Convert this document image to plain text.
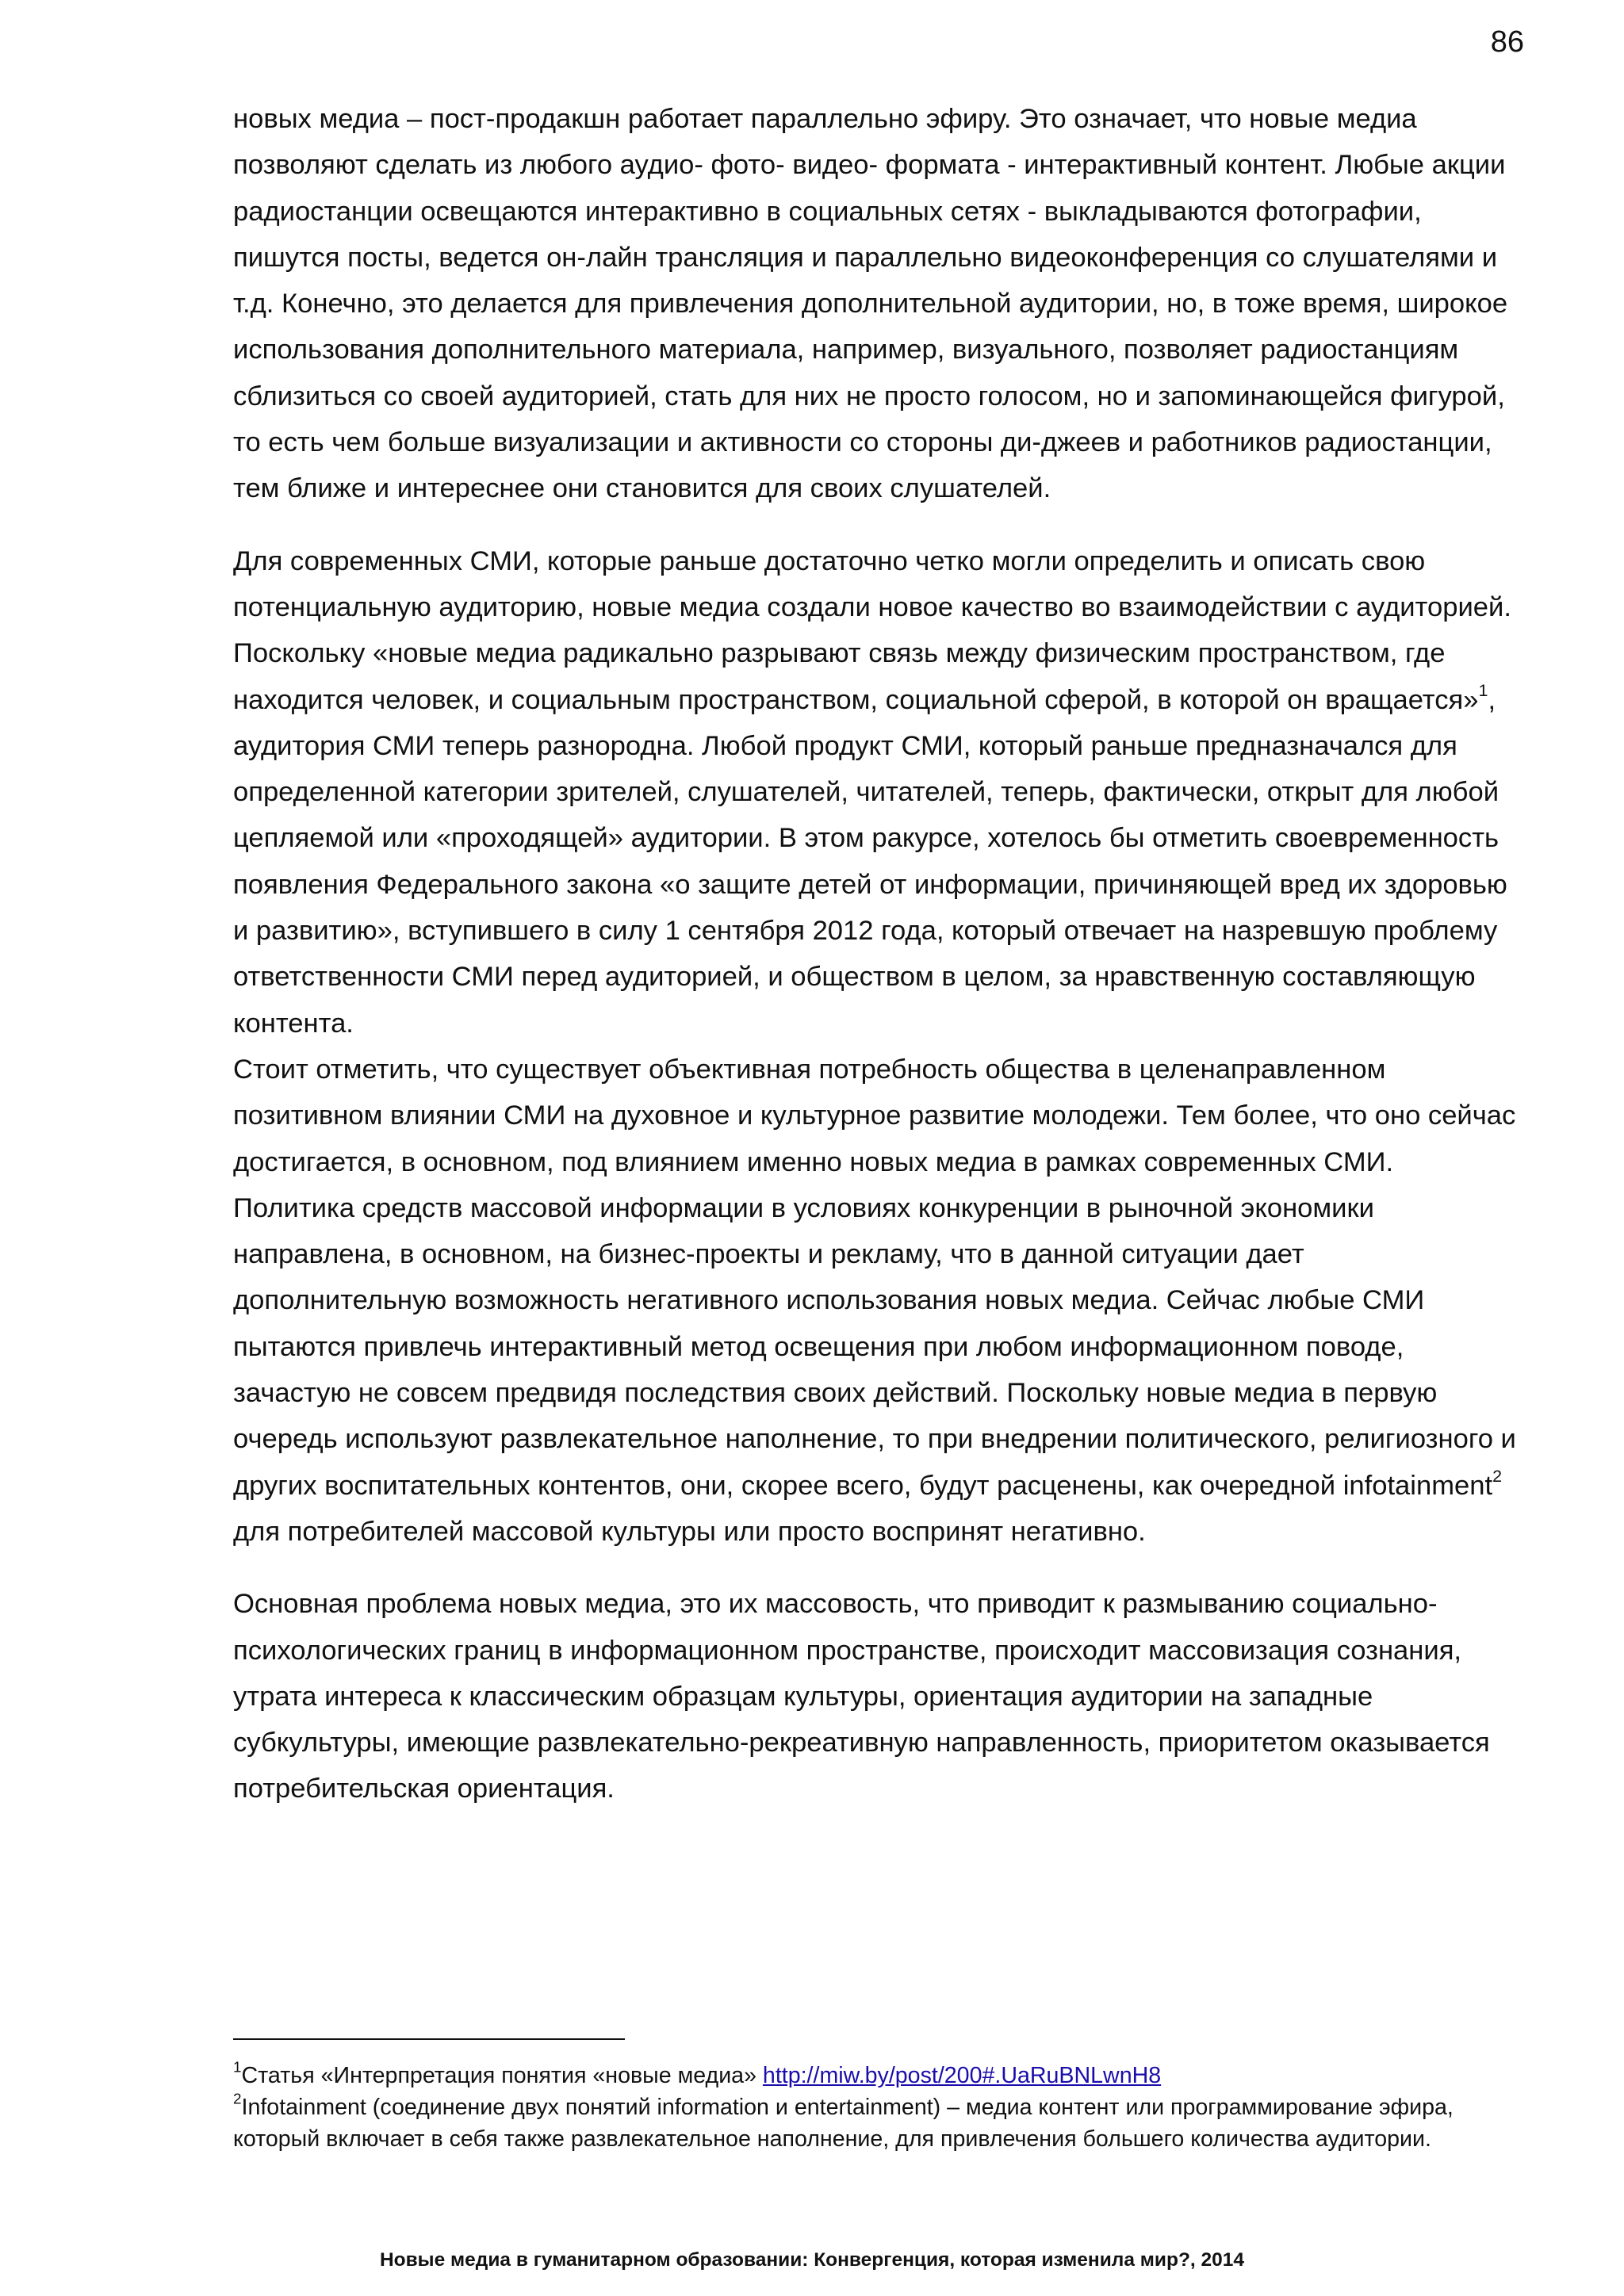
86

новых медиа – пост-продакшн работает параллельно эфиру. Это означает, что новые медиа позволяют сделать из любого аудио- фото- видео- формата - интерактивный контент. Любые акции радиостанции освещаются интерактивно в социальных сетях - выкладываются фотографии, пишутся посты, ведется он-лайн трансляция и параллельно видеоконференция со слушателями и т.д. Конечно, это делается для привлечения дополнительной аудитории, но, в тоже время, широкое использования дополнительного материала, например, визуального, позволяет радиостанциям сблизиться со своей аудиторией, стать для них не просто голосом, но и запоминающейся фигурой, то есть чем больше визуализации и активности со стороны ди-джеев и работников радиостанции, тем ближе и интереснее они становится для своих слушателей.

Для современных СМИ, которые раньше достаточно четко могли определить и описать свою потенциальную аудиторию, новые медиа создали новое качество во взаимодействии с аудиторией. Поскольку «новые медиа радикально разрывают связь между физическим пространством, где находится человек, и социальным пространством, социальной сферой, в которой он вращается»$^1$, аудитория СМИ теперь разнородна. Любой продукт СМИ, который раньше предназначался для определенной категории зрителей, слушателей, читателей, теперь, фактически, открыт для любой цепляемой или «проходящей» аудитории. В этом ракурсе, хотелось бы отметить своевременность появления Федерального закона «о защите детей от информации, причиняющей вред их здоровью и развитию», вступившего в силу 1 сентября 2012 года, который отвечает на назревшую проблему ответственности СМИ перед аудиторией, и обществом в целом, за нравственную составляющую контента.

Стоит отметить, что существует объективная потребность общества в целенаправленном позитивном влиянии СМИ на духовное и культурное развитие молодежи. Тем более, что оно сейчас достигается, в основном, под влиянием именно новых медиа в рамках современных СМИ.

Политика средств массовой информации в условиях конкуренции в рыночной экономики направлена, в основном, на бизнес-проекты и рекламу, что в данной ситуации дает дополнительную возможность негативного использования новых медиа. Сейчас любые СМИ пытаются привлечь интерактивный метод освещения при любом информационном поводе, зачастую не совсем предвидя последствия своих действий. Поскольку новые медиа в первую очередь используют развлекательное наполнение, то при внедрении политического, религиозного и других воспитательных контентов, они, скорее всего, будут расценены, как очередной infotainment$^2$ для потребителей массовой культуры или просто воспринят негативно.

Основная проблема новых медиа, это их массовость, что приводит к размыванию социально-психологических границ в информационном пространстве, происходит массовизация сознания, утрата интереса к классическим образцам культуры, ориентация аудитории на западные субкультуры, имеющие развлекательно-рекреативную направленность, приоритетом оказывается потребительская ориентация.

$^1$Статья «Интерпретация понятия «новые медиа» http://miw.by/post/200#.UaRuBNLwnH8

$^2$Infotainment (соединение двух понятий information и entertainment) – медиа контент или программирование эфира, который включает в себя также развлекательное наполнение, для привлечения большего количества аудитории.

Новые медиа в гуманитарном образовании: Конвергенция, которая изменила мир?, 2014
